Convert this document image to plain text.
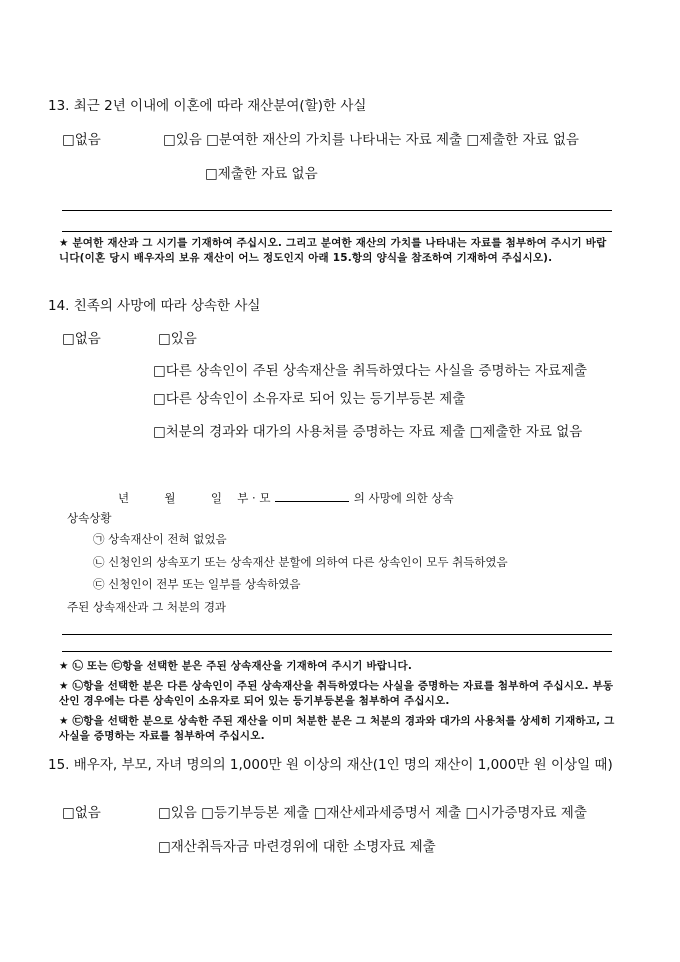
13. 최근 2년 이내에 이혼에 따라 재산분여(할)한 사실
□없음	□있음 □분여한 재산의 가치를 나타내는 자료 제출 □제출한 자료 없음
□제출한 자료 없음
★ 분여한 재산과 그 시기를 기재하여 주십시오. 그리고 분여한 재산의 가치를 나타내는 자료를 첨부하여 주시기 바랍니다(이혼 당시 배우자의 보유 재산이 어느 정도인지 아래 15.항의 양식을 참조하여 기재하여 주십시오).
14. 친족의 사망에 따라 상속한 사실
□없음	□있음
□다른 상속인이 주된 상속재산을 취득하였다는 사실을 증명하는 자료제출
□다른 상속인이 소유자로 되어 있는 등기부등본 제출
□처분의 경과와 대가의 사용처를 증명하는 자료 제출 □제출한 자료 없음
년	월	일 부 · 모	의 사망에 의한 상속
상속상황
㉠ 상속재산이 전혀 없었음
㉡ 신청인의 상속포기 또는 상속재산 분할에 의하여 다른 상속인이 모두 취득하였음
㉢ 신청인이 전부 또는 일부를 상속하였음
주된 상속재산과 그 처분의 경과
★ ㉡ 또는 ㉢항을 선택한 분은 주된 상속재산을 기재하여 주시기 바랍니다.
★ ㉡항을 선택한 분은 다른 상속인이 주된 상속재산을 취득하였다는 사실을 증명하는 자료를 첨부하여 주십시오. 부동산인 경우에는 다른 상속인이 소유자로 되어 있는 등기부등본을 첨부하여 주십시오.
★ ㉢항을 선택한 분으로 상속한 주된 재산을 이미 처분한 분은 그 처분의 경과와 대가의 사용처를 상세히 기재하고, 그 사실을 증명하는 자료를 첨부하여 주십시오.
15. 배우자, 부모, 자녀 명의의 1,000만 원 이상의 재산(1인 명의 재산이 1,000만 원 이상일 때)
□없음	□있음 □등기부등본 제출 □재산세과세증명서 제출 □시가증명자료 제출
□재산취득자금 마련경위에 대한 소명자료 제출
